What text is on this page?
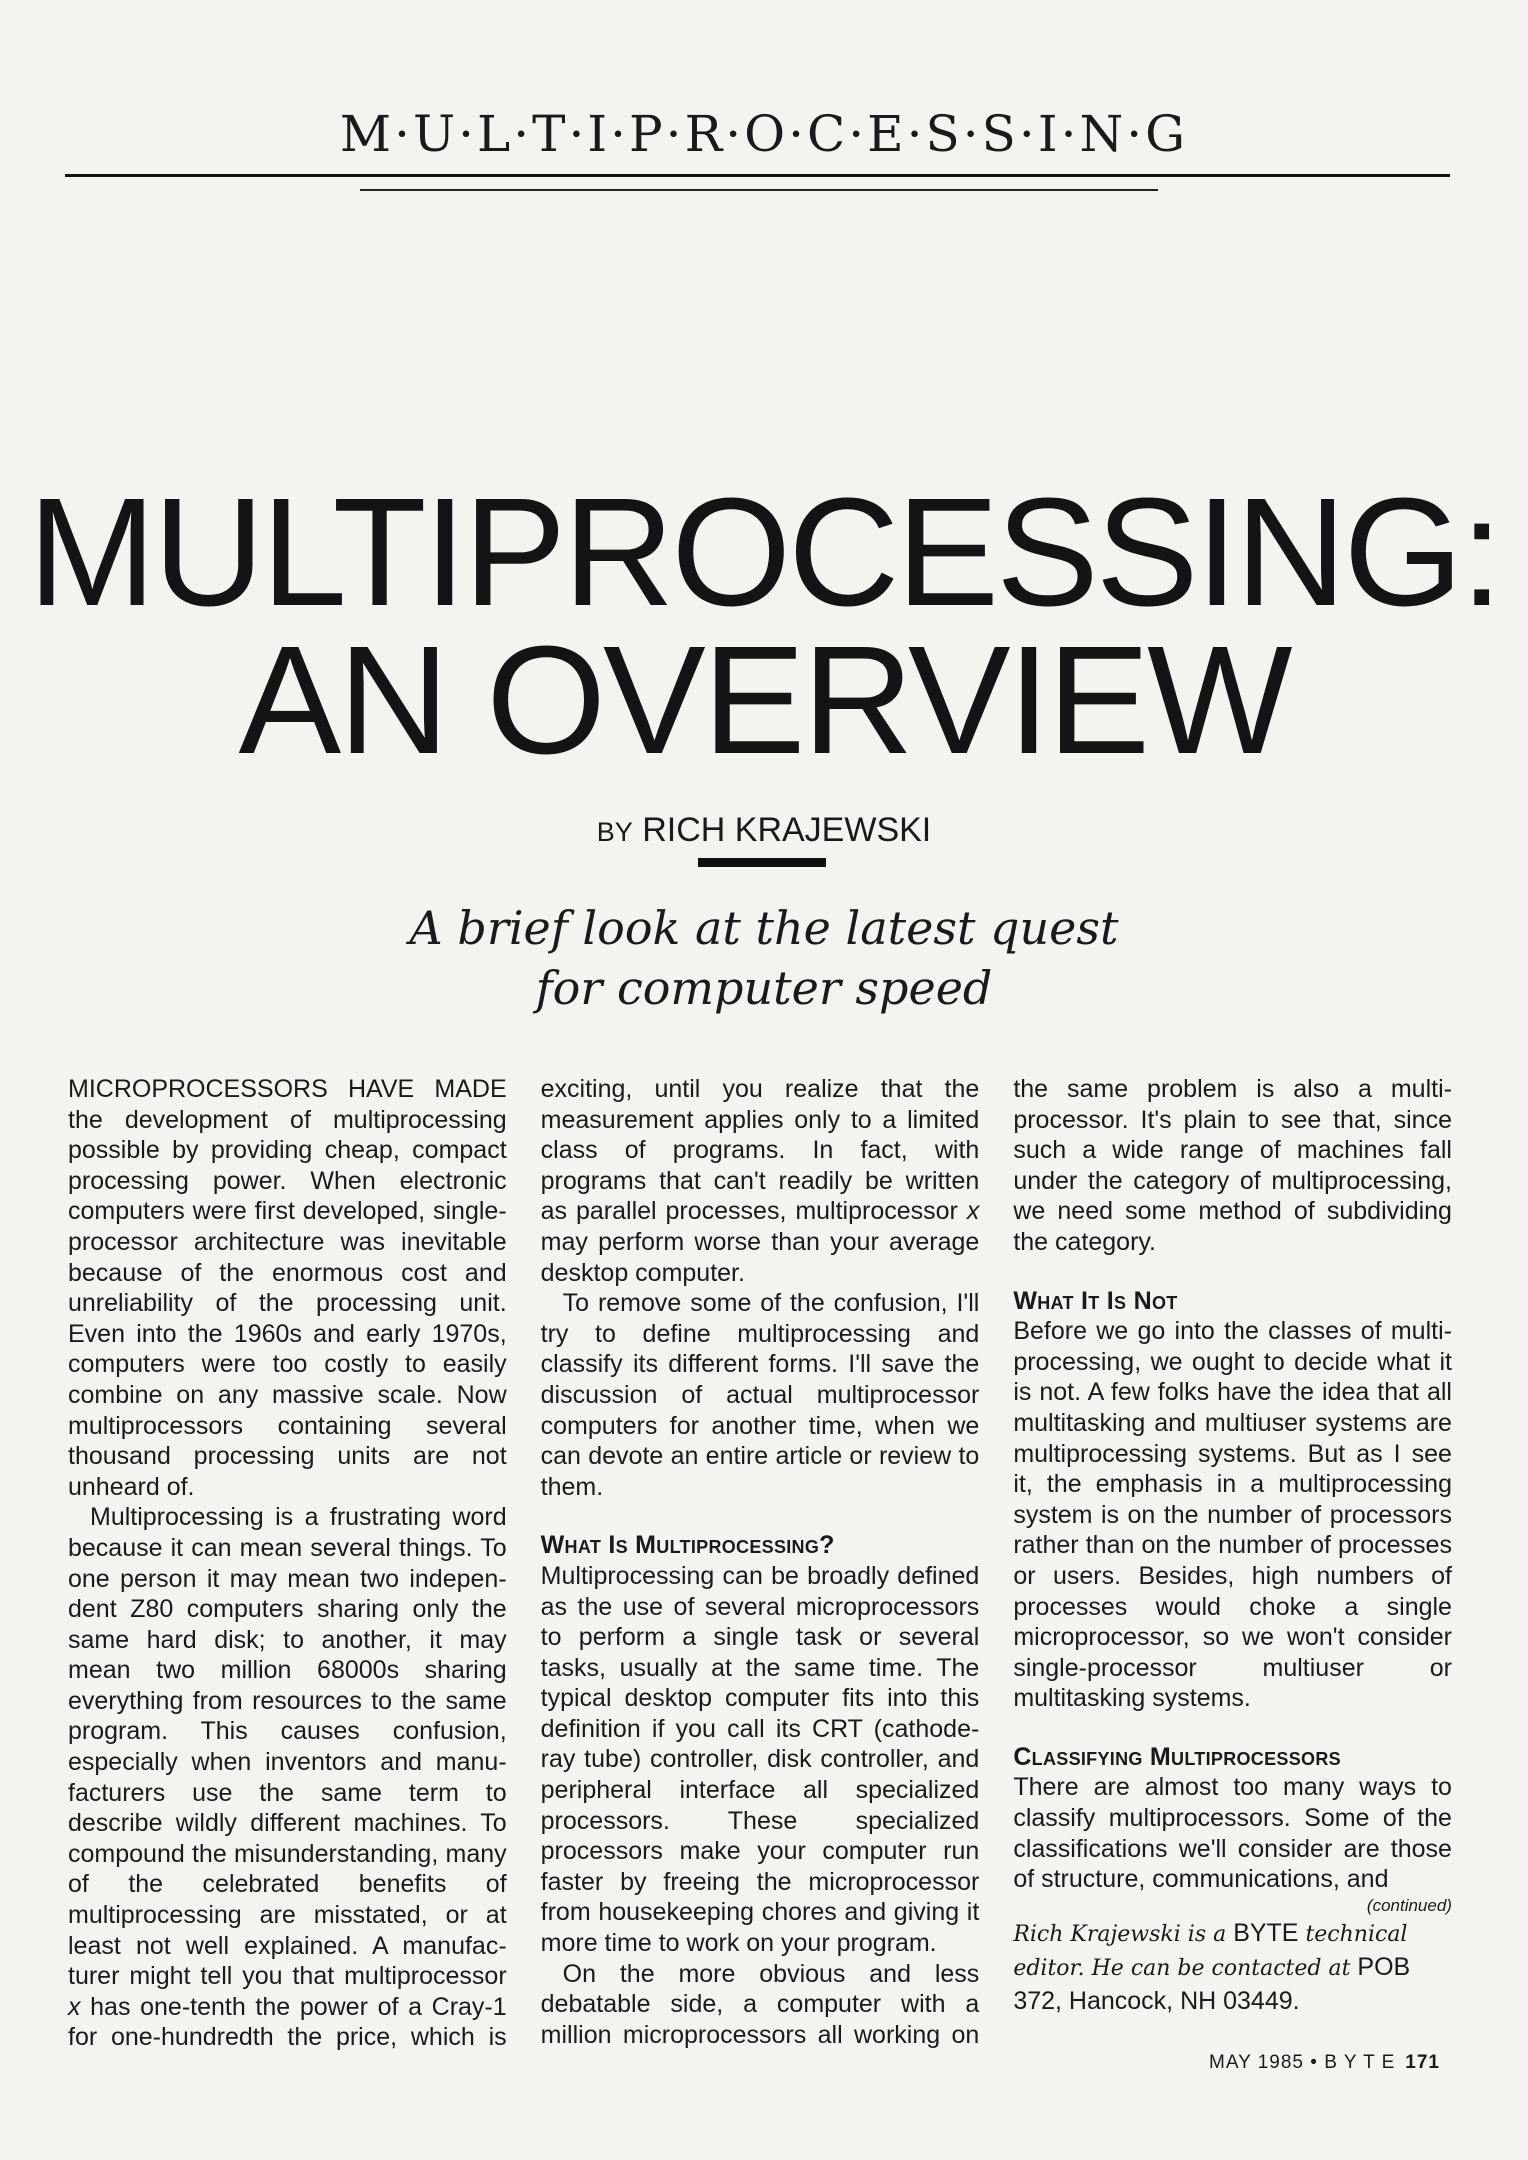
M·U·L·T·I·P·R·O·C·E·S·S·I·N·G
MULTIPROCESSING:
AN OVERVIEW
BY RICH KRAJEWSKI
A brief look at the latest quest
for computer speed

MICROPROCESSORS HAVE MADE the development of multiprocessing possible by providing cheap, compact processing power. When electronic computers were first developed, single-processor architecture was inevitable because of the enormous cost and unreliability of the processing unit. Even into the 1960s and early 1970s, computers were too costly to easily combine on any massive scale. Now multiprocessors containing several thousand processing units are not unheard of.

Multiprocessing is a frustrating word because it can mean several things. To one person it may mean two independent Z80 computers sharing only the same hard disk; to another, it may mean two million 68000s sharing everything from resources to the same program. This causes confusion, especially when inventors and manufacturers use the same term to describe wildly different machines. To compound the misunderstanding, many of the celebrated benefits of multiprocessing are misstated, or at least not well explained. A manufacturer might tell you that multiprocessor x has one-tenth the power of a Cray-1 for one-hundredth the price, which is exciting, until you realize that the measurement applies only to a limited class of programs. In fact, with programs that can't readily be written as parallel processes, multiprocessor x may perform worse than your average desktop computer.

To remove some of the confusion, I'll try to define multiprocessing and classify its different forms. I'll save the discussion of actual multiprocessor computers for another time, when we can devote an entire article or review to them.

What Is Multiprocessing?

Multiprocessing can be broadly defined as the use of several microprocessors to perform a single task or several tasks, usually at the same time. The typical desktop computer fits into this definition if you call its CRT (cathode-ray tube) controller, disk controller, and peripheral interface all specialized processors. These specialized processors make your computer run faster by freeing the microprocessor from housekeeping chores and giving it more time to work on your program.

On the more obvious and less debatable side, a computer with a million microprocessors all working on the same problem is also a multiprocessor. It's plain to see that, since such a wide range of machines fall under the category of multiprocessing, we need some method of subdividing the category.

What It Is Not

Before we go into the classes of multiprocessing, we ought to decide what it is not. A few folks have the idea that all multitasking and multiuser systems are multiprocessing systems. But as I see it, the emphasis in a multiprocessing system is on the number of processors rather than on the number of processes or users. Besides, high numbers of processes would choke a single microprocessor, so we won't consider single-processor multiuser or multitasking systems.

Classifying Multiprocessors

There are almost too many ways to classify multiprocessors. Some of the classifications we'll consider are those of structure, communications, and

(continued)

Rich Krajewski is a BYTE technical editor. He can be contacted at POB 372, Hancock, NH 03449.

MAY 1985 • B Y T E 171
